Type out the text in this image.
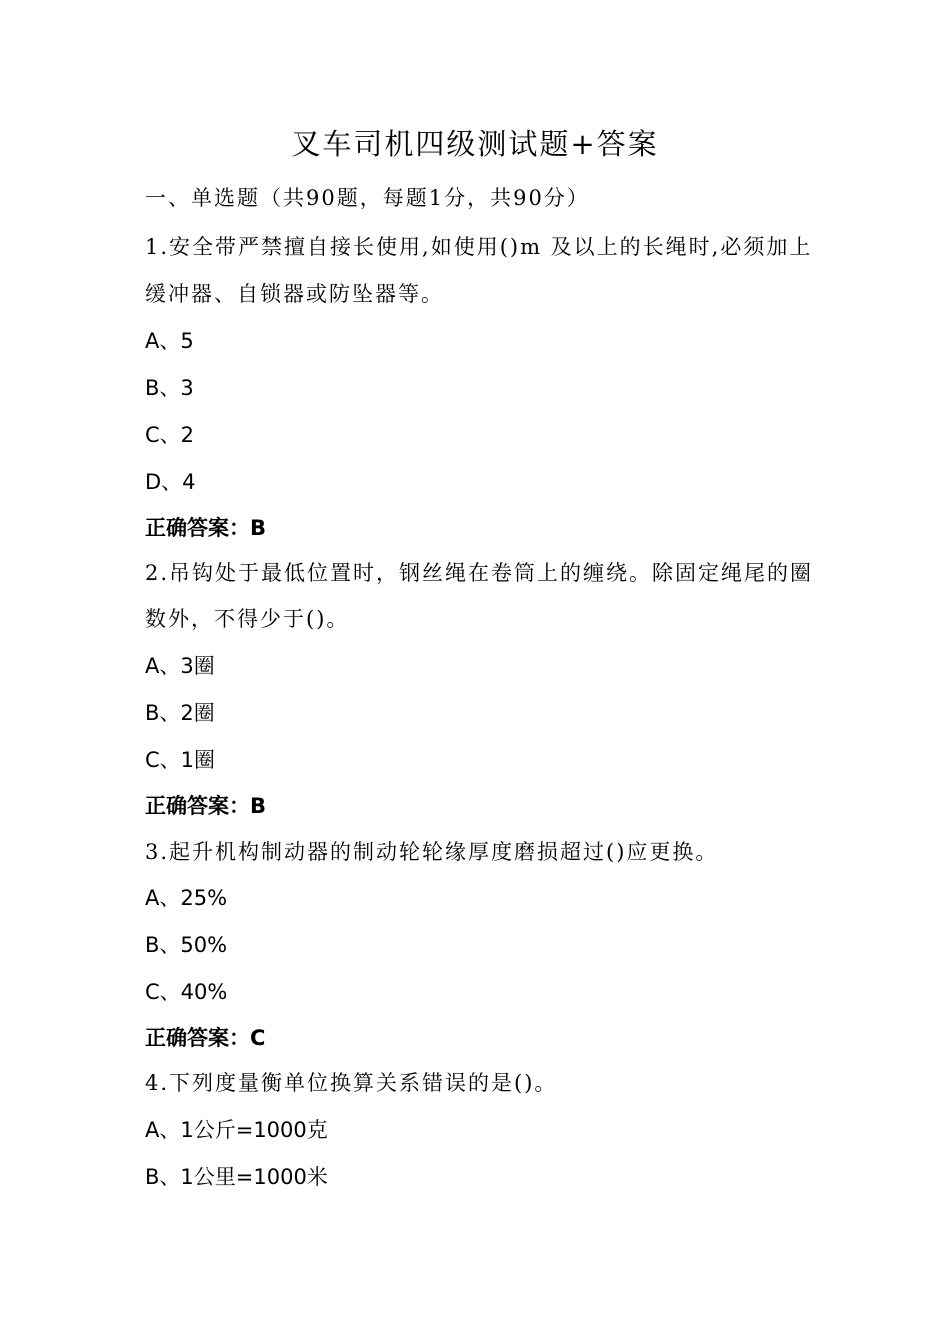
叉车司机四级测试题+答案
一、单选题（共90题，每题1分，共90分）
1.安全带严禁擅自接长使用,如使用()m 及以上的长绳时,必须加上
缓冲器、自锁器或防坠器等。
A、5
B、3
C、2
D、4
正确答案：B
2.吊钩处于最低位置时，钢丝绳在卷筒上的缠绕。除固定绳尾的圈
数外，不得少于()。
A、3圈
B、2圈
C、1圈
正确答案：B
3.起升机构制动器的制动轮轮缘厚度磨损超过()应更换。
A、25%
B、50%
C、40%
正确答案：C
4.下列度量衡单位换算关系错误的是()。
A、1公斤=1000克
B、1公里=1000米
